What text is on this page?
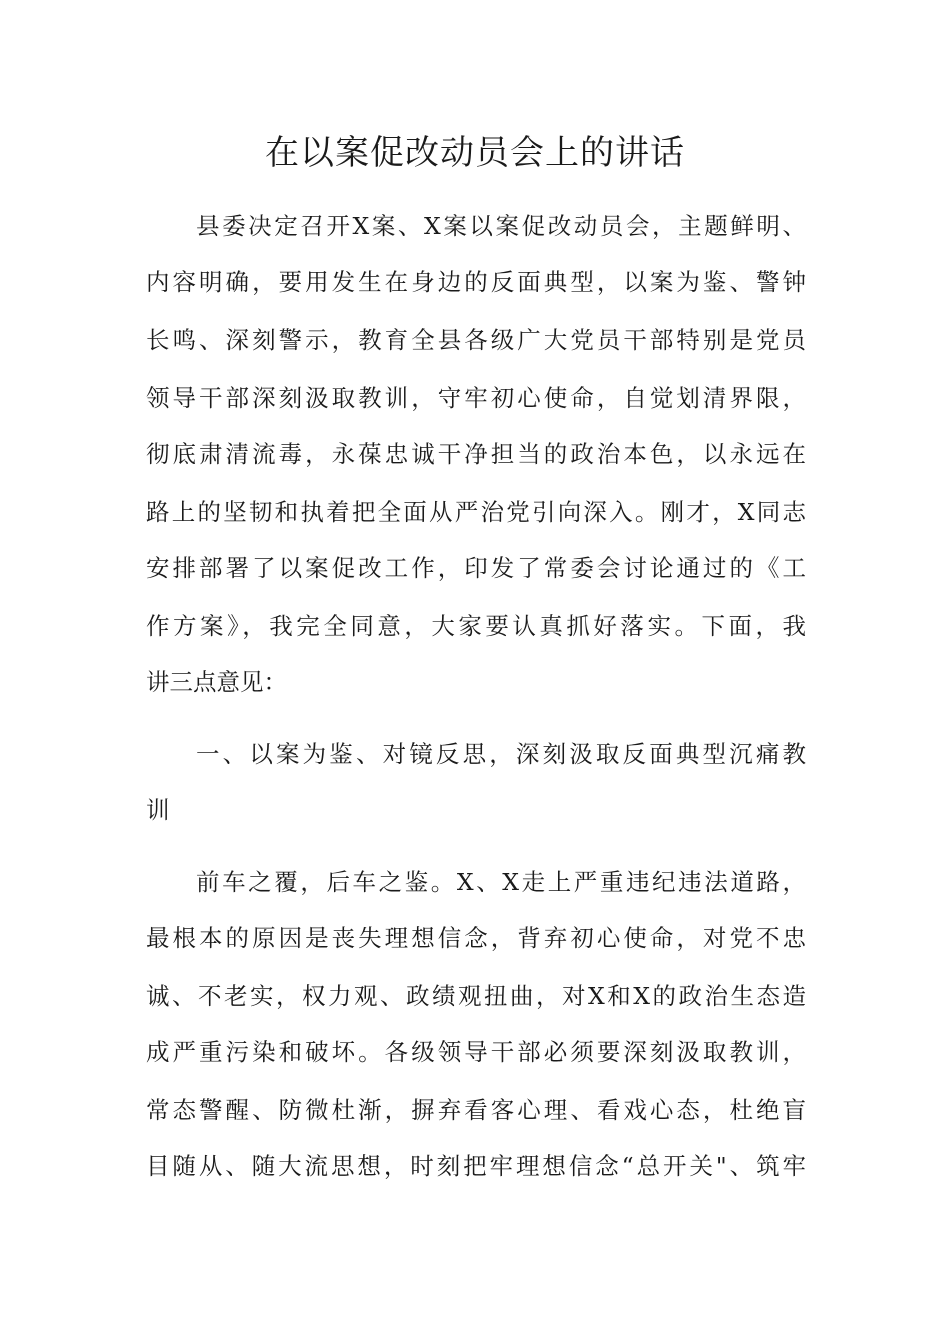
在以案促改动员会上的讲话
县委决定召开X案、X案以案促改动员会，主题鲜明、
内容明确，要用发生在身边的反面典型，以案为鉴、警钟
长鸣、深刻警示，教育全县各级广大党员干部特别是党员
领导干部深刻汲取教训，守牢初心使命，自觉划清界限，
彻底肃清流毒，永葆忠诚干净担当的政治本色，以永远在
路上的坚韧和执着把全面从严治党引向深入。刚才，X同志
安排部署了以案促改工作，印发了常委会讨论通过的《工
作方案》，我完全同意，大家要认真抓好落实。下面，我
讲三点意见：
一、以案为鉴、对镜反思，深刻汲取反面典型沉痛教
训
前车之覆，后车之鉴。X、X走上严重违纪违法道路，
最根本的原因是丧失理想信念，背弃初心使命，对党不忠
诚、不老实，权力观、政绩观扭曲，对X和X的政治生态造
成严重污染和破坏。各级领导干部必须要深刻汲取教训，
常态警醒、防微杜渐，摒弃看客心理、看戏心态，杜绝盲
目随从、随大流思想，时刻把牢理想信念“总开关"、筑牢
